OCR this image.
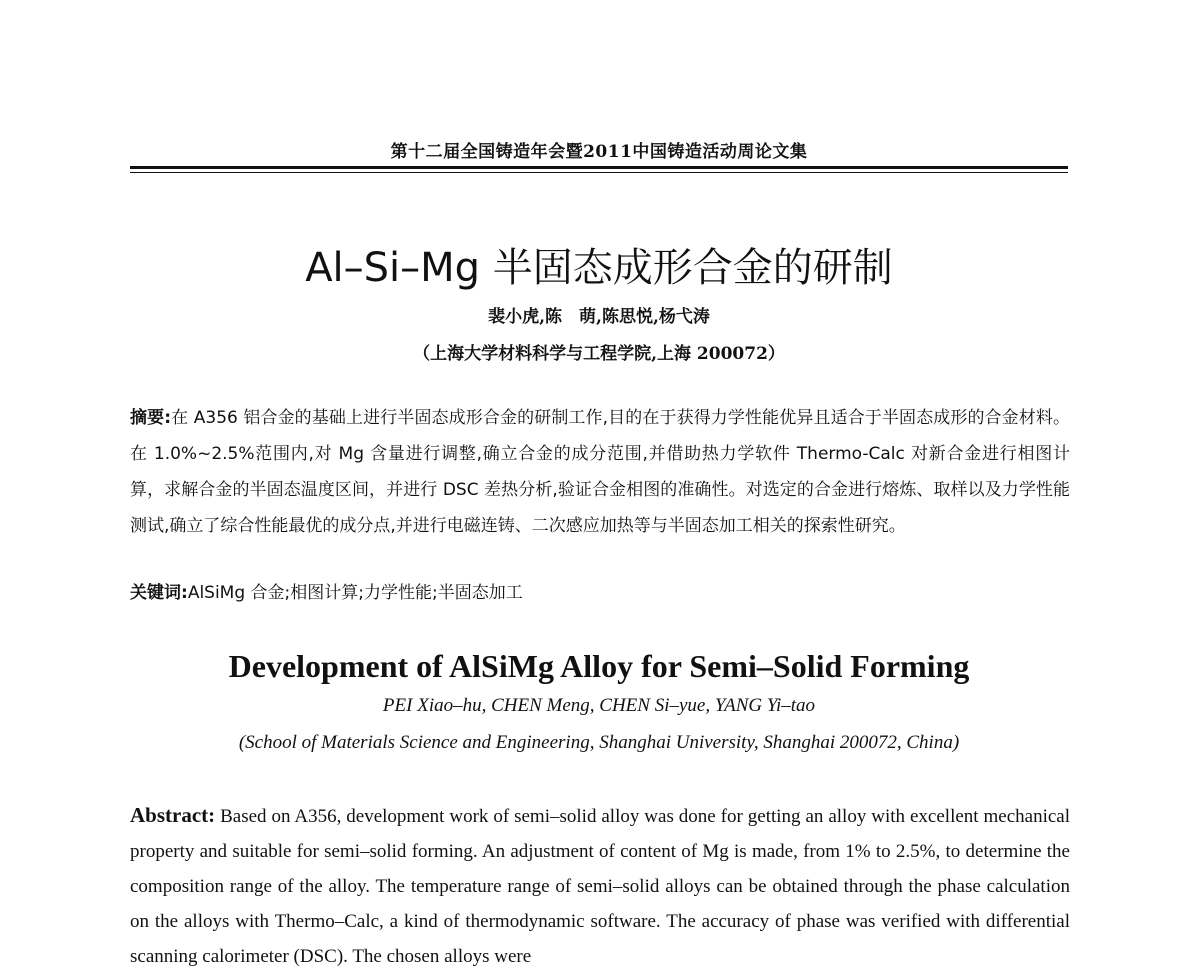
第十二届全国铸造年会暨2011中国铸造活动周论文集
Al–Si–Mg 半固态成形合金的研制
裴小虎,陈　萌,陈思悦,杨弋涛
（上海大学材料科学与工程学院,上海 200072）
摘要:在 A356 铝合金的基础上进行半固态成形合金的研制工作,目的在于获得力学性能优异且适合于半固态成形的合金材料。在 1.0%~2.5%范围内,对 Mg 含量进行调整,确立合金的成分范围,并借助热力学软件 Thermo-Calc 对新合金进行相图计算，求解合金的半固态温度区间，并进行 DSC 差热分析,验证合金相图的准确性。对选定的合金进行熔炼、取样以及力学性能测试,确立了综合性能最优的成分点,并进行电磁连铸、二次感应加热等与半固态加工相关的探索性研究。
关键词:AlSiMg 合金;相图计算;力学性能;半固态加工
Development of AlSiMg Alloy for Semi–Solid Forming
PEI Xiao–hu, CHEN Meng, CHEN Si–yue, YANG Yi–tao
(School of Materials Science and Engineering, Shanghai University, Shanghai 200072, China)
Abstract: Based on A356, development work of semi–solid alloy was done for getting an alloy with excellent mechanical property and suitable for semi–solid forming. An adjustment of content of Mg is made, from 1% to 2.5%, to determine the composition range of the alloy. The temperature range of semi–solid alloys can be obtained through the phase calculation on the alloys with Thermo–Calc, a kind of thermodynamic software. The accuracy of phase was verified with differential scanning calorimeter (DSC). The chosen alloys were
